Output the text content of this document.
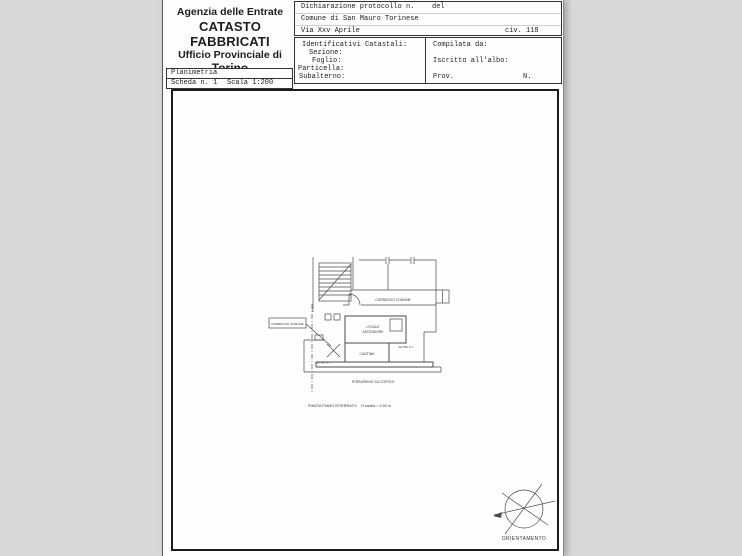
Agenzia delle Entrate
CATASTO FABBRICATI
Ufficio Provinciale di
Dichiarazione protocollo n.	del
Comune di San Mauro Torinese
Via Xxv Aprile	civ. 118
Identificativi Catastali:
Sezione:
Foglio:
Particella:
Subalterno:
Compilata da:
Iscritto all'albo:
Prov.	N.
Planimetria
Scheda n. 1 Scala 1:200
CORRIDOIO COMUNE
CORRIDOIO COMUNE
LOCALE
ASCENSORE
CANTINA
ALTRA U.I.
ALTRA U.I.
TERRAPIENO SU CORTILE
PIANTA PIANO INTERRATO H media = 2,90 m
ORIENTAMENTO
